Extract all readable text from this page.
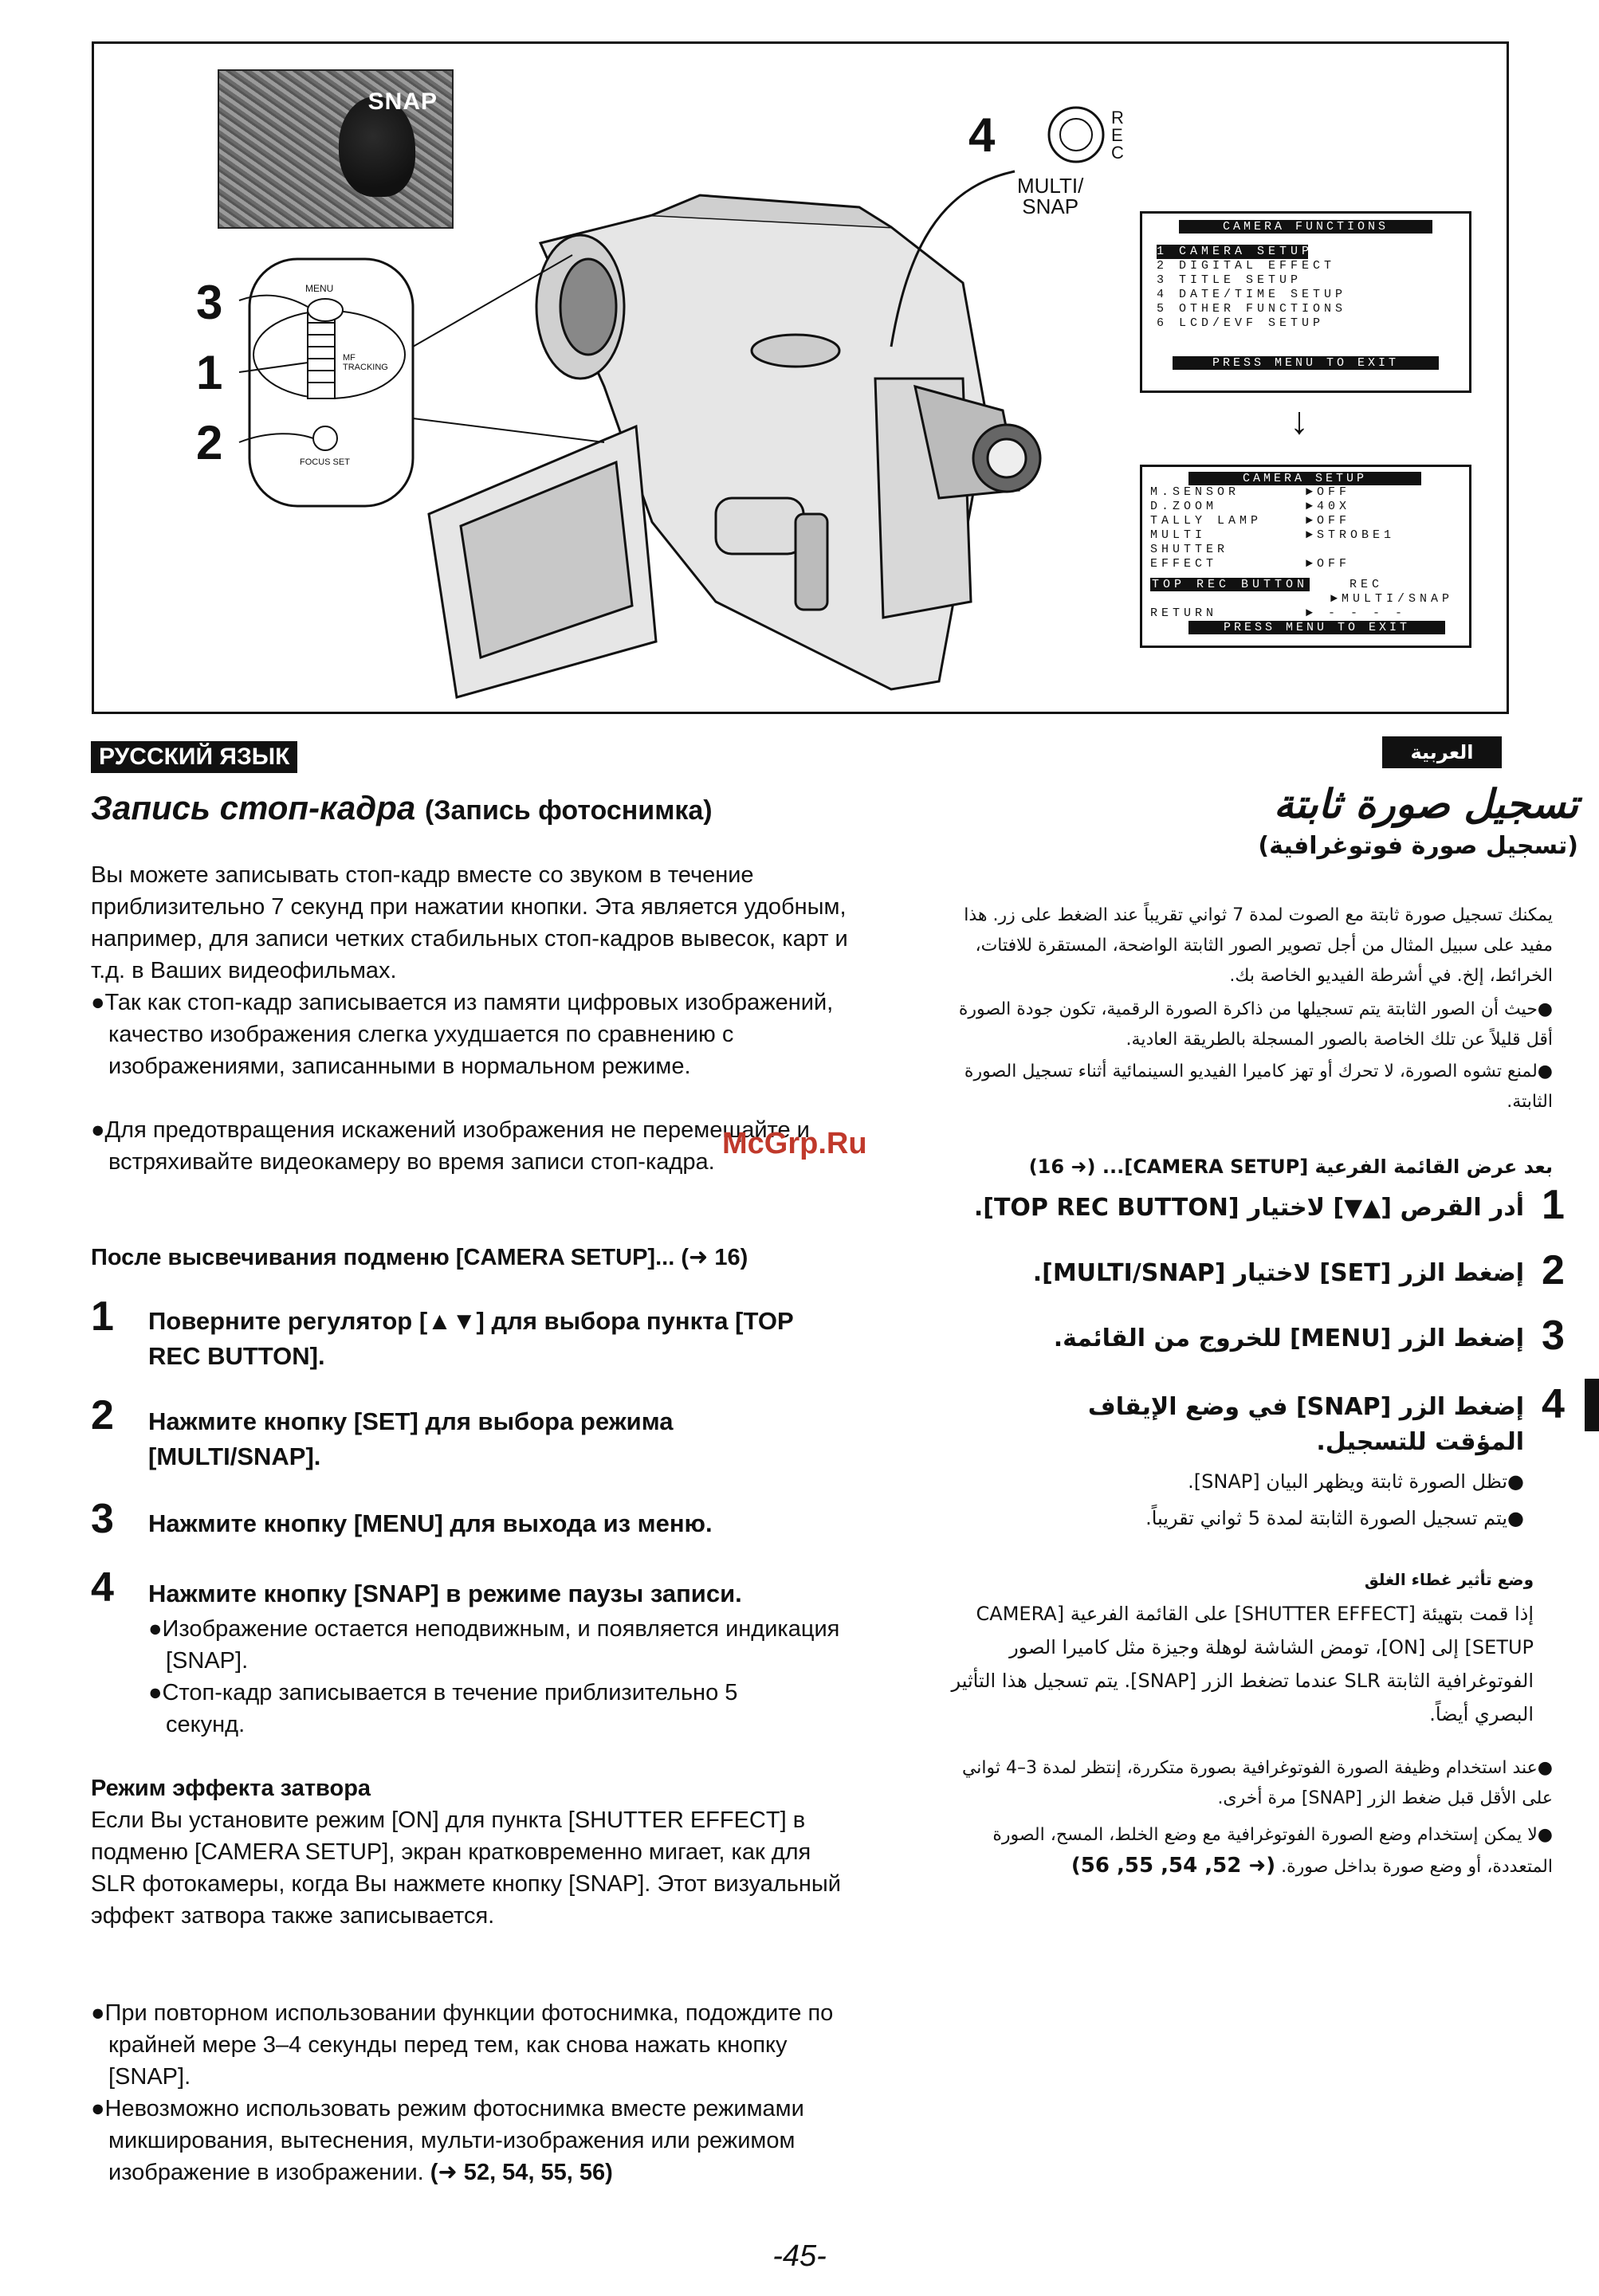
SNAP
3
1
2
4	REC
MULTI/
SNAP
MENU
FOCUS SET
MF
TRACKING
CAMERA FUNCTIONS
1 CAMERA SETUP
2 DIGITAL EFFECT
3 TITLE SETUP
4 DATE/TIME SETUP
5 OTHER FUNCTIONS
6 LCD/EVF SETUP
PRESS MENU TO EXIT
↓
CAMERA SETUP
M.SENSOR	►OFF
D.ZOOM	►40X
TALLY LAMP	►OFF
MULTI	►STROBE1
SHUTTER
EFFECT	►OFF
TOP REC BUTTON	REC
►MULTI/SNAP
RETURN	► - - - -
PRESS MENU TO EXIT
РУССКИЙ ЯЗЫК
Запись стоп-кадра (Запись фотоснимка)
Вы можете записывать стоп-кадр вместе со звуком в течение приблизительно 7 секунд при нажатии кнопки. Эта является удобным, например, для записи четких стабильных стоп-кадров вывесок, карт и т.д. в Ваших видеофильмах.
●Так как стоп-кадр записывается из памяти цифровых изображений, качество изображения слегка ухудшается по сравнению с изображениями, записанными в нормальном режиме.
●Для предотвращения искажений изображения не перемещайте и встряхивайте видеокамеру во время записи стоп-кадра.
После высвечивания подменю [CAMERA SETUP]... (➜ 16)
1 Поверните регулятор [▲▼] для выбора пункта [TOP REC BUTTON].
2 Нажмите кнопку [SET] для выбора режима [MULTI/SNAP].
3 Нажмите кнопку [MENU] для выхода из меню.
4 Нажмите кнопку [SNAP] в режиме паузы записи.
●Изображение остается неподвижным, и появляется индикация [SNAP].
●Стоп-кадр записывается в течение приблизительно 5 секунд.
Режим эффекта затвора
Если Вы установите режим [ON] для пункта [SHUTTER EFFECT] в подменю [CAMERA SETUP], экран кратковременно мигает, как для SLR фотокамеры, когда Вы нажмете кнопку [SNAP]. Этот визуальный эффект затвора также записывается.
●При повторном использовании функции фотоснимка, подождите по крайней мере 3–4 секунды перед тем, как снова нажать кнопку [SNAP].
●Невозможно использовать режим фотоснимка вместе режимами микширования, вытеснения, мульти-изображения или режимом изображение в изображении. (➜ 52, 54, 55, 56)
McGrp.Ru
العربية
تسجيل صورة ثابتة
(تسجيل صورة فوتوغرافية)
يمكنك تسجيل صورة ثابتة مع الصوت لمدة 7 ثواني تقريباً عند الضغط على زر. هذا مفيد على سبيل المثال من أجل تصوير الصور الثابتة الواضحة، المستقرة للافتات، الخرائط، إلخ. في أشرطة الفيديو الخاصة بك.
●حيث أن الصور الثابتة يتم تسجيلها من ذاكرة الصورة الرقمية، تكون جودة الصورة أقل قليلاً عن تلك الخاصة بالصور المسجلة بالطريقة العادية.
●لمنع تشوه الصورة، لا تحرك أو تهز كاميرا الفيديو السينمائية أثناء تسجيل الصورة الثابتة.
بعد عرض القائمة الفرعية [CAMERA SETUP]... (➜ 16)
1
أدر القرص [▲▼] لاختيار [TOP REC BUTTON].
2
إضغط الزر [SET] لاختيار [MULTI/SNAP].
3
إضغط الزر [MENU] للخروج من القائمة.
4
إضغط الزر [SNAP] في وضع الإيقاف المؤقت للتسجيل.
●تظل الصورة ثابتة ويظهر البيان [SNAP].
●يتم تسجيل الصورة الثابتة لمدة 5 ثواني تقريباً.
وضع تأثير غطاء الغلق
إذا قمت بتهيئة [SHUTTER EFFECT] على القائمة الفرعية [CAMERA SETUP] إلى [ON]، تومض الشاشة لوهلة وجيزة مثل كاميرا الصور الفوتوغرافية الثابتة SLR عندما تضغط الزر [SNAP]. يتم تسجيل هذا التأثير البصري أيضاً.
●عند استخدام وظيفة الصورة الفوتوغرافية بصورة متكررة، إنتظر لمدة 3–4 ثواني على الأقل قبل ضغط الزر [SNAP] مرة أخرى.
●لا يمكن إستخدام وضع الصورة الفوتوغرافية مع وضع الخلط، المسح، الصورة المتعددة، أو وضع صورة بداخل صورة. (➜ 52, 54, 55, 56)
-45-
